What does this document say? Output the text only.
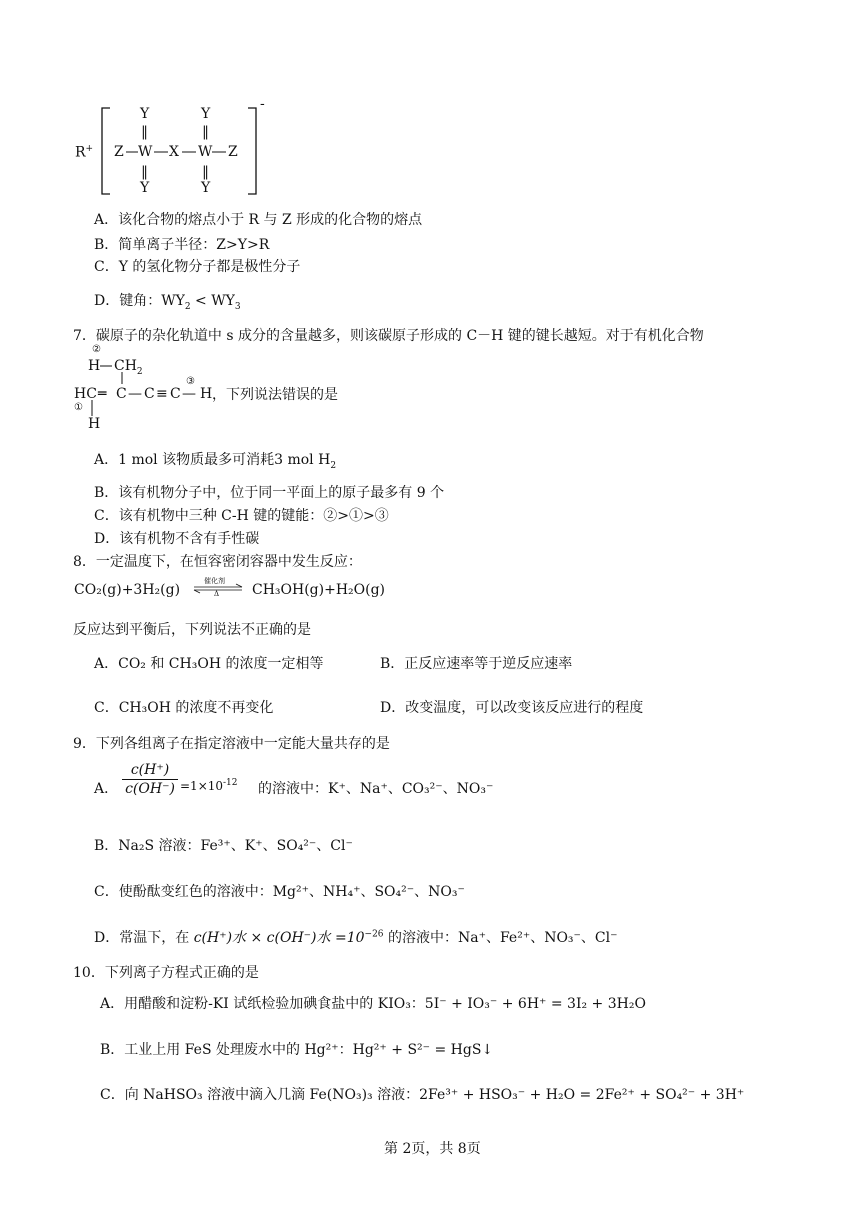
R+
-
Z W X W Z
Y	Y
‖	‖
‖	‖
Y	Y
A．该化合物的熔点小于 R 与 Z 形成的化合物的熔点
B．简单离子半径：Z>Y>R
C．Y 的氢化物分子都是极性分子
D．键角：$WY_2 < WY_3$
7．碳原子的杂化轨道中 s 成分的含量越多，则该碳原子形成的 C－H 键的键长越短。对于有机化合物
②
H $CH_2$
HC ═ C — C ≡ C —
③
H ，下列说法错误的是
①
H
A．1 mol 该物质最多可消耗3 mol $H_2$
B．该有机物分子中，位于同一平面上的原子最多有 9 个
C．该有机物中三种 C-H 键的键能：②>①>③
D．该有机物不含有手性碳
8．一定温度下，在恒容密闭容器中发生反应：
CO₂(g)+3H₂(g)
催化剂
Δ CH₃OH(g)+H₂O(g)
反应达到平衡后，下列说法不正确的是
A．CO₂ 和 CH₃OH 的浓度一定相等	B．正反应速率等于逆反应速率
C．CH₃OH 的浓度不再变化	D．改变温度，可以改变该反应进行的程度
9．下列各组离子在指定溶液中一定能大量共存的是
A．
c(H⁺)
$c(OH^-) =1\times 10^{-12}$ 的溶液中：K⁺、Na⁺、CO₃²⁻、NO₃⁻
B．Na₂S 溶液：Fe³⁺、K⁺、SO₄²⁻、Cl⁻
C．使酚酞变红色的溶液中：Mg²⁺、NH₄⁺、SO₄²⁻、NO₃⁻
D．常温下，在 c(H⁺)水 × c(OH⁻)水 $=10^{-26}$ 的溶液中：Na⁺、Fe²⁺、NO₃⁻、Cl⁻
10．下列离子方程式正确的是
A．用醋酸和淀粉-KI 试纸检验加碘食盐中的 KIO₃：5I⁻ + IO₃⁻ + 6H⁺ = 3I₂ + 3H₂O
B．工业上用 FeS 处理废水中的 Hg²⁺：Hg²⁺ + S²⁻ = HgS↓
C．向 NaHSO₃ 溶液中滴入几滴 Fe(NO₃)₃ 溶液：2Fe³⁺ + HSO₃⁻ + H₂O = 2Fe²⁺ + SO₄²⁻ + 3H⁺
第 2页，共 8页
